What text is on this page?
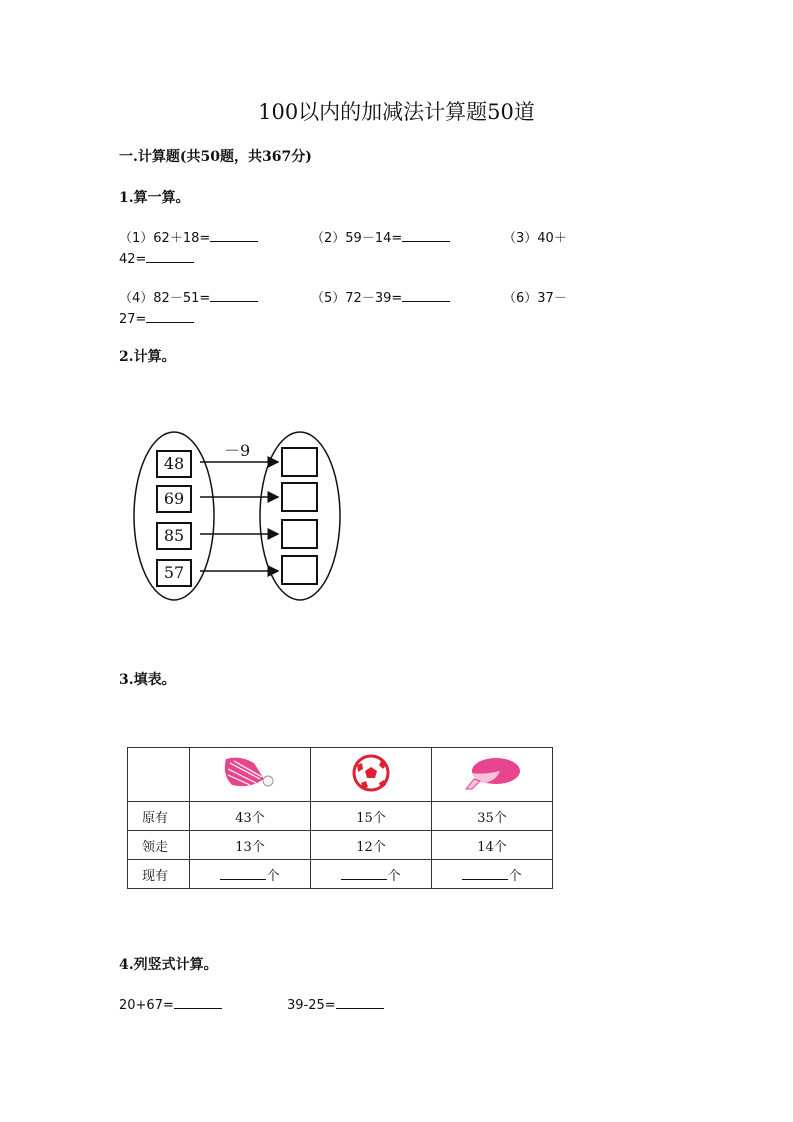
100以内的加减法计算题50道
一.计算题(共50题，共367分)
1.算一算。
（1）62＋18=	（2）59－14=	（3）40＋
42=
（4）82－51=	（5）72－39=	（6）37－
27=
2.计算。
－9
48
69
85
57
3.填表。

原有	43个	15个	35个
领走	13个	12个	14个
现有	个	个	个
4.列竖式计算。
20+67=	39-25=
